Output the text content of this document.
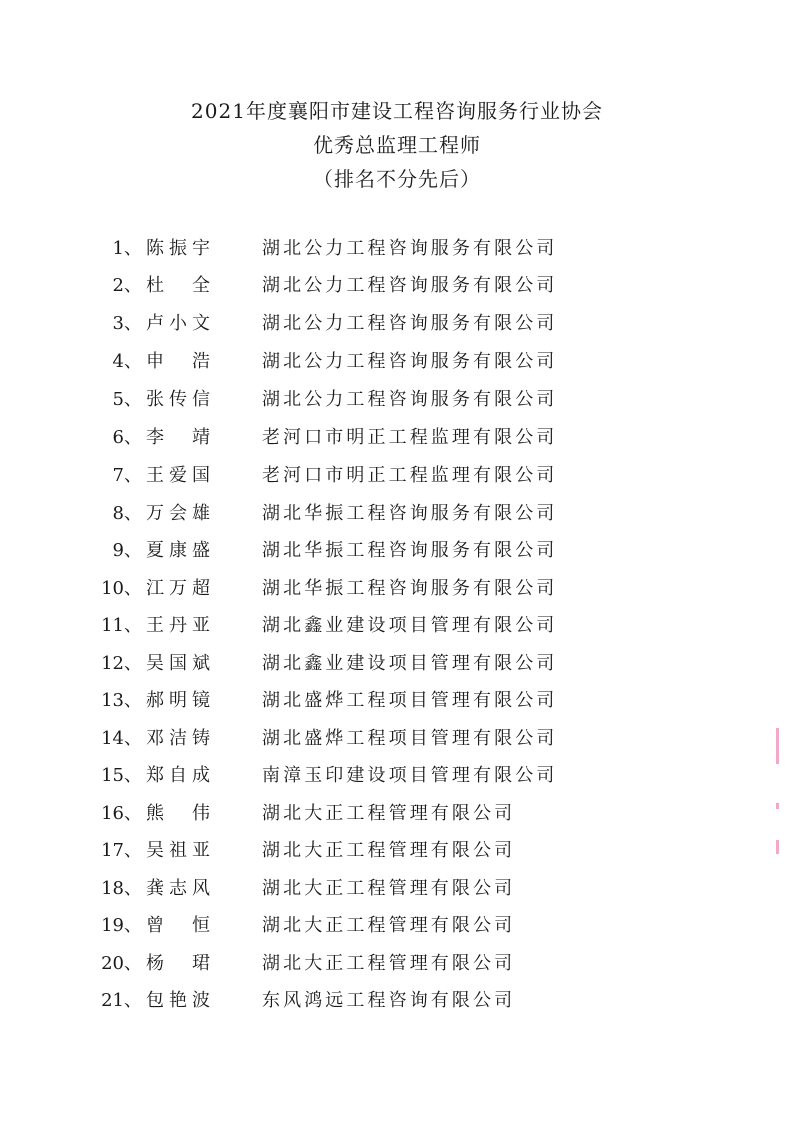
2021年度襄阳市建设工程咨询服务行业协会
优秀总监理工程师
（排名不分先后）
1、 陈 振 宇	湖北公力工程咨询服务有限公司
2、 杜 全	湖北公力工程咨询服务有限公司
3、 卢 小 文	湖北公力工程咨询服务有限公司
4、 申 浩	湖北公力工程咨询服务有限公司
5、 张 传 信	湖北公力工程咨询服务有限公司
6、 李 靖	老河口市明正工程监理有限公司
7、 王 爱 国	老河口市明正工程监理有限公司
8、 万 会 雄	湖北华振工程咨询服务有限公司
9、 夏 康 盛	湖北华振工程咨询服务有限公司
10、 江 万 超	湖北华振工程咨询服务有限公司
11、 王 丹 亚	湖北鑫业建设项目管理有限公司
12、 吴 国 斌	湖北鑫业建设项目管理有限公司
13、 郝 明 镜	湖北盛烨工程项目管理有限公司
14、 邓 洁 铸	湖北盛烨工程项目管理有限公司
15、 郑 自 成	南漳玉印建设项目管理有限公司
16、 熊 伟	湖北大正工程管理有限公司
17、 吴 祖 亚	湖北大正工程管理有限公司
18、 龚 志 风	湖北大正工程管理有限公司
19、 曾 恒	湖北大正工程管理有限公司
20、 杨 珺	湖北大正工程管理有限公司
21、 包 艳 波	东风鸿远工程咨询有限公司
